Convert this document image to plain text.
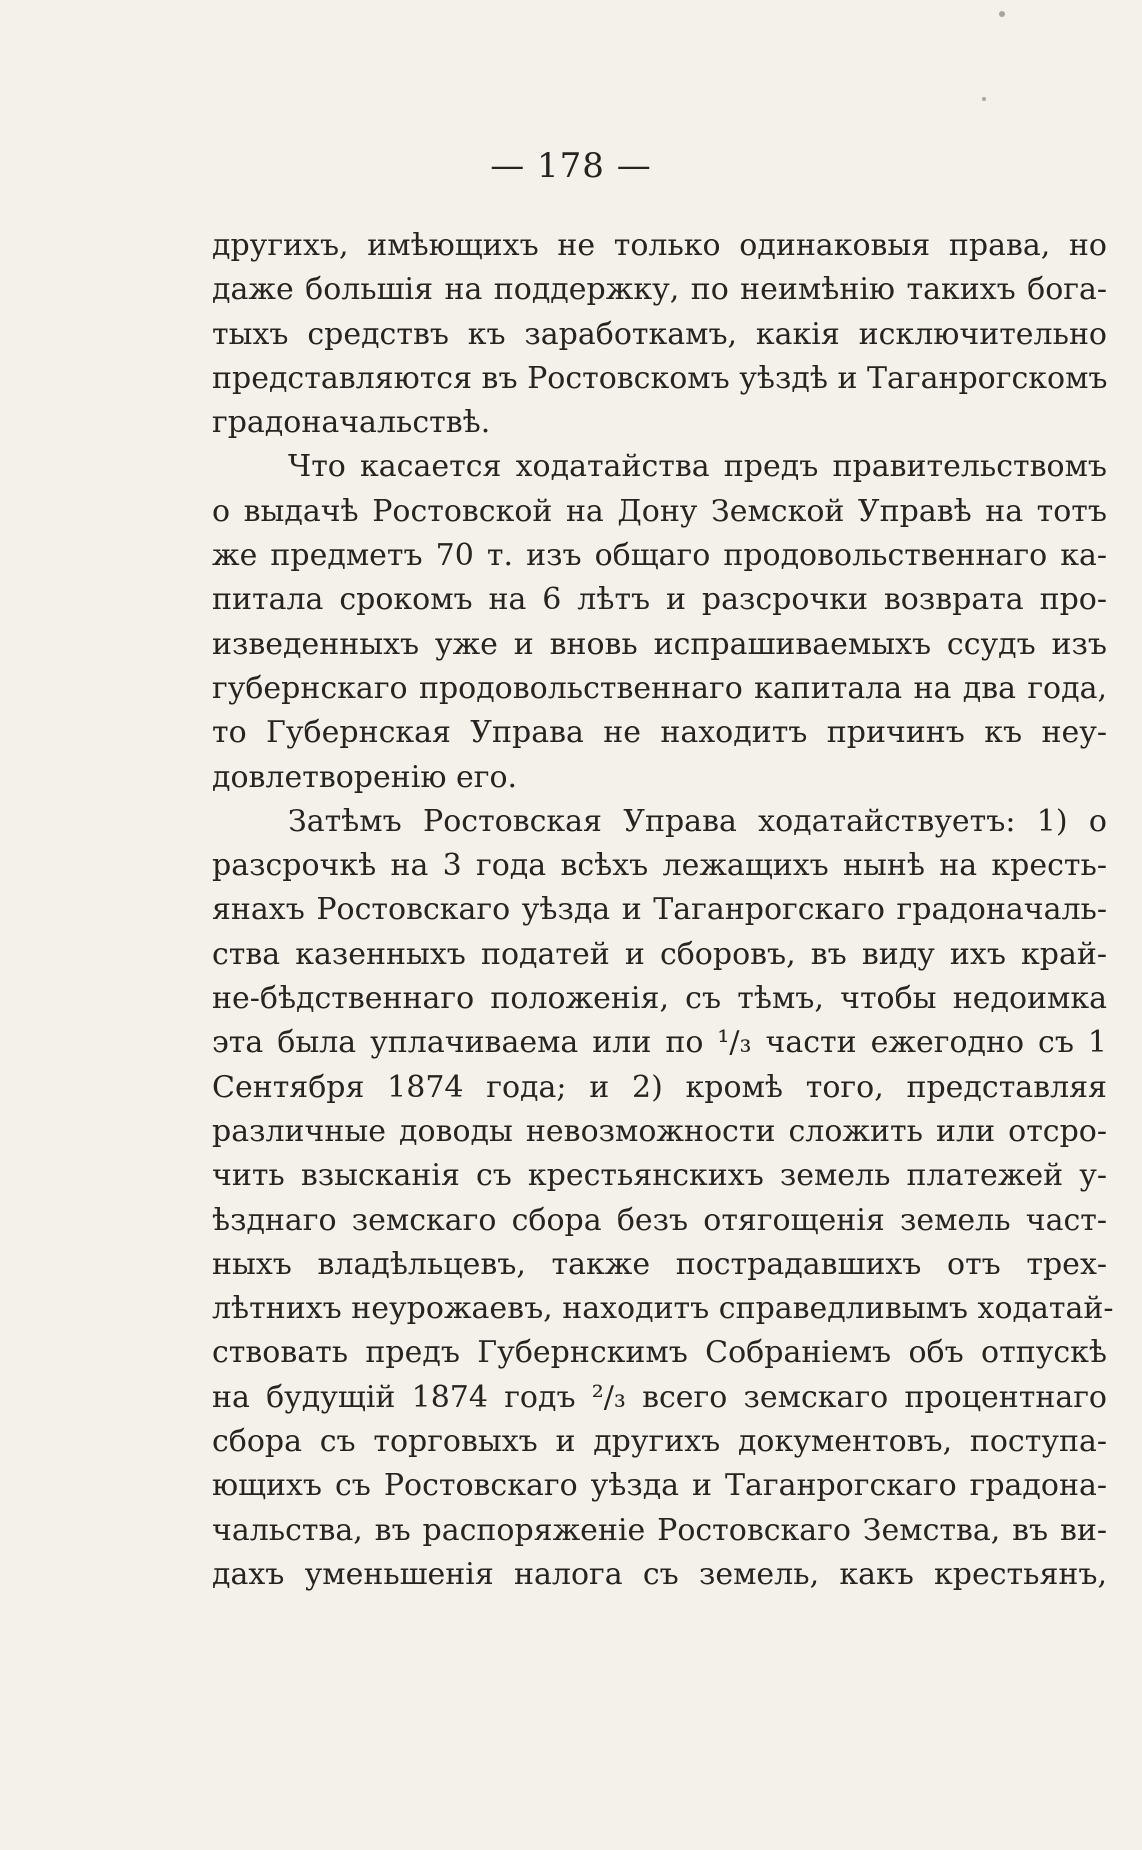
— 178 —
другихъ, имѣющихъ не только одинаковыя права, но
даже большія на поддержку, по неимѣнію такихъ бога-
тыхъ средствъ къ заработкамъ, какія исключительно
представляются въ Ростовскомъ уѣздѣ и Таганрогскомъ
градоначальствѣ.
Что касается ходатайства предъ правительствомъ
о выдачѣ Ростовской на Дону Земской Управѣ на тотъ
же предметъ 70 т. изъ общаго продовольственнаго ка-
питала срокомъ на 6 лѣтъ и разсрочки возврата про-
изведенныхъ уже и вновь испрашиваемыхъ ссудъ изъ
губернскаго продовольственнаго капитала на два года,
то Губернская Управа не находитъ причинъ къ неу-
довлетворенію его.
Затѣмъ Ростовская Управа ходатайствуетъ: 1) о
разсрочкѣ на 3 года всѣхъ лежащихъ нынѣ на кресть-
янахъ Ростовскаго уѣзда и Таганрогскаго градоначаль-
ства казенныхъ податей и сборовъ, въ виду ихъ край-
не-бѣдственнаго положенія, съ тѣмъ, чтобы недоимка
эта была уплачиваема или по ¹/₃ части ежегодно съ 1
Сентября 1874 года; и 2) кромѣ того, представляя
различные доводы невозможности сложить или отсро-
чить взысканія съ крестьянскихъ земель платежей у-
ѣзднаго земскаго сбора безъ отягощенія земель част-
ныхъ владѣльцевъ, также пострадавшихъ отъ трех-
лѣтнихъ неурожаевъ, находитъ справедливымъ ходатай-
ствовать предъ Губернскимъ Собраніемъ объ отпускѣ
на будущій 1874 годъ ²/₃ всего земскаго процентнаго
сбора съ торговыхъ и другихъ документовъ, поступа-
ющихъ съ Ростовскаго уѣзда и Таганрогскаго градона-
чальства, въ распоряженіе Ростовскаго Земства, въ ви-
дахъ уменьшенія налога съ земель, какъ крестьянъ,
